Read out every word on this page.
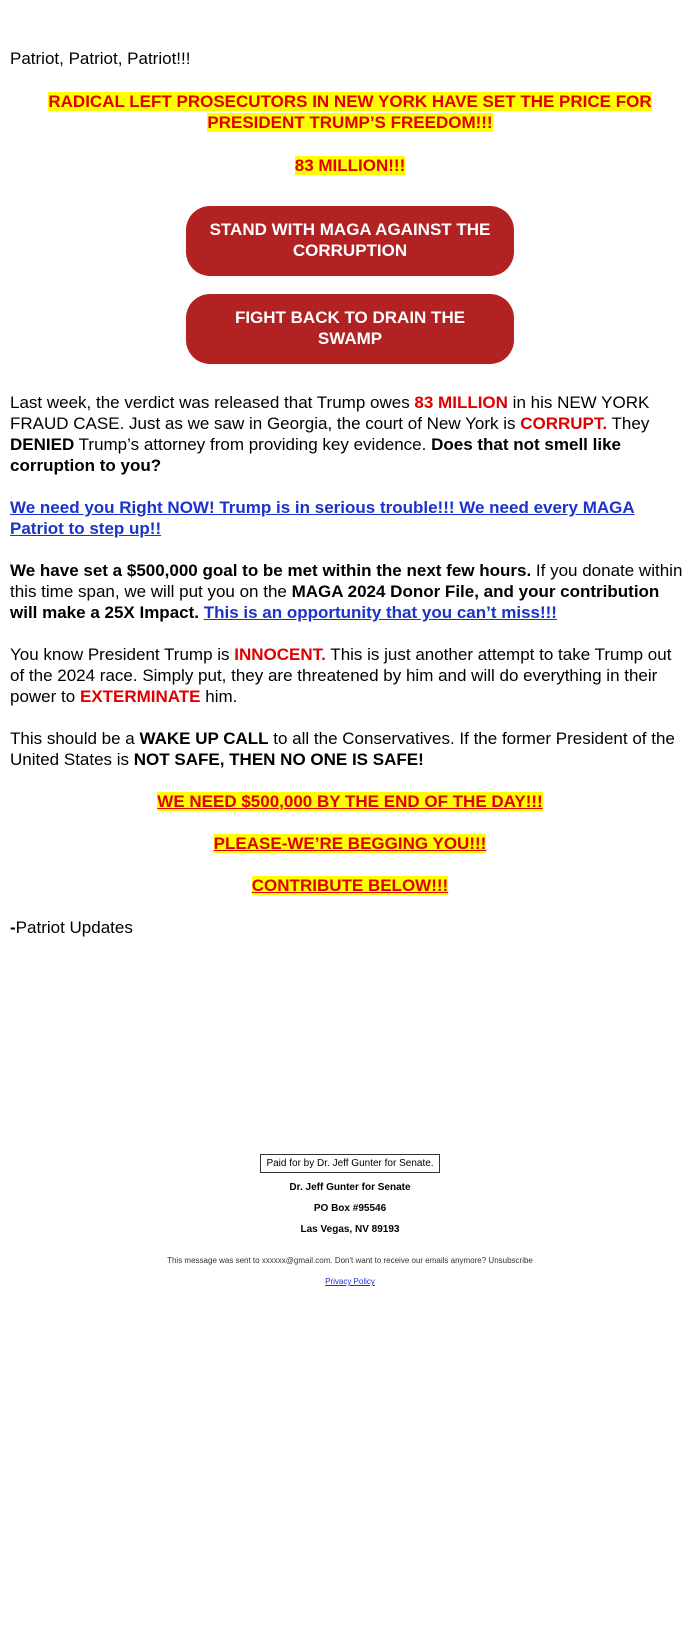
Patriot, Patriot, Patriot!!!

RADICAL LEFT PROSECUTORS IN NEW YORK HAVE SET THE PRICE FOR PRESIDENT TRUMP’S FREEDOM!!!

83 MILLION!!!

STAND WITH MAGA AGAINST THE CORRUPTION
FIGHT BACK TO DRAIN THE SWAMP

Last week, the verdict was released that Trump owes 83 MILLION in his NEW YORK FRAUD CASE. Just as we saw in Georgia, the court of New York is CORRUPT. They DENIED Trump’s attorney from providing key evidence. Does that not smell like corruption to you?

We need you Right NOW! Trump is in serious trouble!!! We need every MAGA Patriot to step up!!

We have set a $500,000 goal to be met within the next few hours. If you donate within this time span, we will put you on the MAGA 2024 Donor File, and your contribution will make a 25X Impact. This is an opportunity that you can’t miss!!!

You know President Trump is INNOCENT. This is just another attempt to take Trump out of the 2024 race. Simply put, they are threatened by him and will do everything in their power to EXTERMINATE him.

This should be a WAKE UP CALL to all the Conservatives. If the former President of the United States is NOT SAFE, THEN NO ONE IS SAFE!

WE NEED $500,000 BY THE END OF THE DAY!!!

PLEASE-WE’RE BEGGING YOU!!!

CONTRIBUTE BELOW!!!

-Patriot Updates

Paid for by Dr. Jeff Gunter for Senate.
Dr. Jeff Gunter for Senate
PO Box #95546
Las Vegas, NV 89193
This message was sent to xxxxxx@gmail.com. Don't want to receive our emails anymore? Unsubscribe
Privacy Policy
